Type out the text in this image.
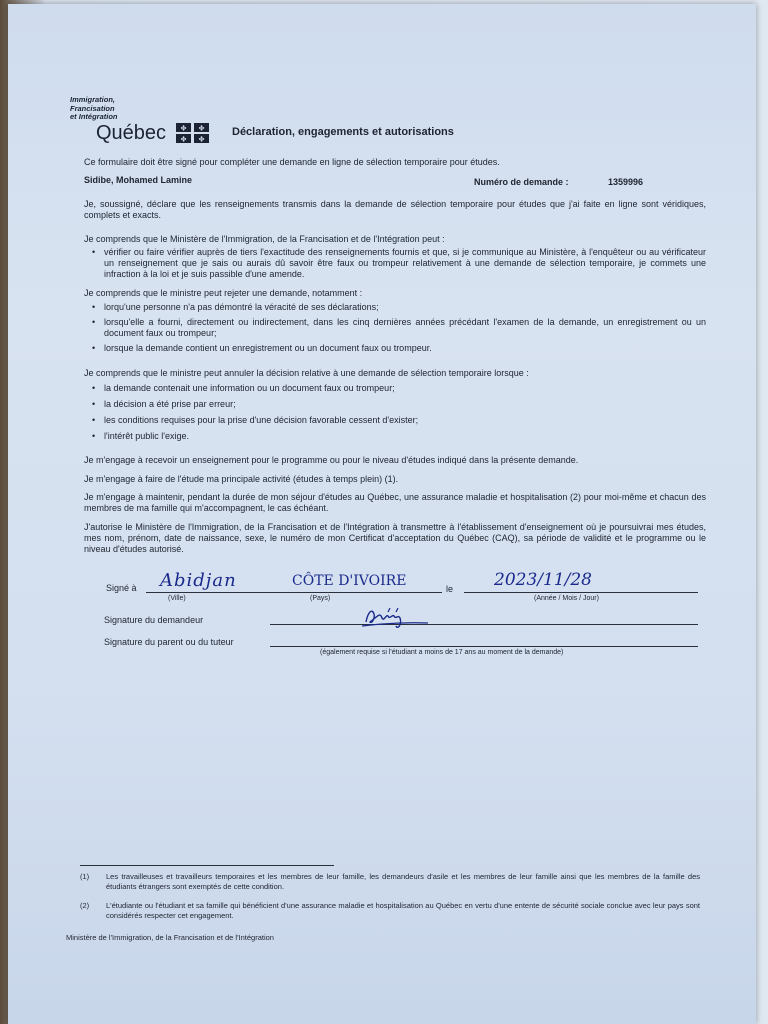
Immigration,
Francisation
et Intégration
Québec ✤ ✤
✤ ✤
Déclaration, engagements et autorisations
Ce formulaire doit être signé pour compléter une demande en ligne de sélection temporaire pour études.
Sidibe, Mohamed Lamine	Numéro de demande :	1359996
Je, soussigné, déclare que les renseignements transmis dans la demande de sélection temporaire pour études que j'ai faite en ligne sont véridiques, complets et exacts.
Je comprends que le Ministère de l'Immigration, de la Francisation et de l'Intégration peut :
• vérifier ou faire vérifier auprès de tiers l'exactitude des renseignements fournis et que, si je communique au Ministère, à l'enquêteur ou au vérificateur un renseignement que je sais ou aurais dû savoir être faux ou trompeur relativement à une demande de sélection temporaire, je commets une infraction à la loi et je suis passible d'une amende.
Je comprends que le ministre peut rejeter une demande, notamment :
• lorqu'une personne n'a pas démontré la véracité de ses déclarations;
• lorsqu'elle a fourni, directement ou indirectement, dans les cinq dernières années précédant l'examen de la demande, un enregistrement ou un document faux ou trompeur;
• lorsque la demande contient un enregistrement ou un document faux ou trompeur.
Je comprends que le ministre peut annuler la décision relative à une demande de sélection temporaire lorsque :
• la demande contenait une information ou un document faux ou trompeur;
• la décision a été prise par erreur;
• les conditions requises pour la prise d'une décision favorable cessent d'exister;
• l'intérêt public l'exige.
Je m'engage à recevoir un enseignement pour le programme ou pour le niveau d'études indiqué dans la présente demande.
Je m'engage à faire de l'étude ma principale activité (études à temps plein) (1).
Je m'engage à maintenir, pendant la durée de mon séjour d'études au Québec, une assurance maladie et hospitalisation (2) pour moi-même et chacun des membres de ma famille qui m'accompagnent, le cas échéant.
J'autorise le Ministère de l'Immigration, de la Francisation et de l'Intégration à transmettre à l'établissement d'enseignement où je poursuivrai mes études, mes nom, prénom, date de naissance, sexe, le numéro de mon Certificat d'acceptation du Québec (CAQ), sa période de validité et le programme ou le niveau d'études autorisé.
Signé à Abidjan
(Ville)
CÔTE D'IVOIRE
(Pays)
le 2023/11/28
(Année / Mois / Jour)
Signature du demandeur
Signature du parent ou du tuteur
(également requise si l'étudiant a moins de 17 ans au moment de la demande)
(1) Les travailleuses et travailleurs temporaires et les membres de leur famille, les demandeurs d'asile et les membres de leur famille ainsi que les membres de la famille des étudiants étrangers sont exemptés de cette condition.
(2) L'étudiante ou l'étudiant et sa famille qui bénéficient d'une assurance maladie et hospitalisation au Québec en vertu d'une entente de sécurité sociale conclue avec leur pays sont considérés respecter cet engagement.
Ministère de l'Immigration, de la Francisation et de l'Intégration
